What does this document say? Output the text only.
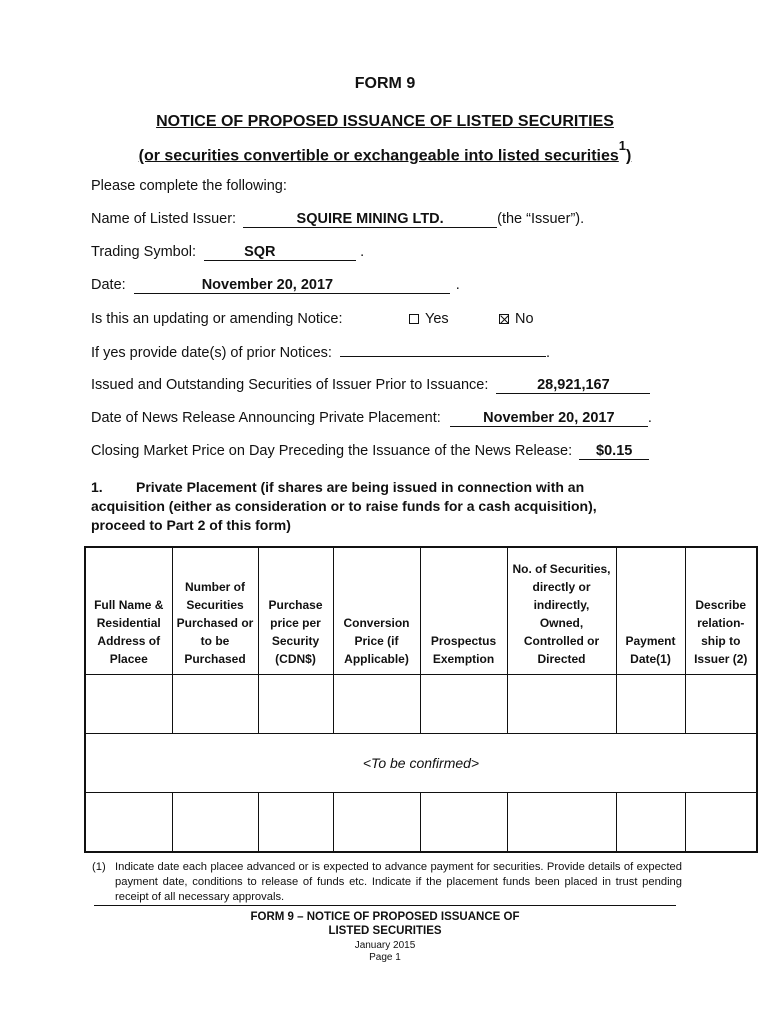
FORM 9
NOTICE OF PROPOSED ISSUANCE OF LISTED SECURITIES
(or securities convertible or exchangeable into listed securities$^1$)
Please complete the following:
Name of Listed Issuer:	SQUIRE MINING LTD.	(the “Issuer”).
Trading Symbol:	SQR	.
Date:	November 20, 2017	.
Is this an updating or amending Notice:	Yes	No
If yes provide date(s) of prior Notices:	.
Issued and Outstanding Securities of Issuer Prior to Issuance:	28,921,167
Date of News Release Announcing Private Placement:	November 20, 2017 .
Closing Market Price on Day Preceding the Issuance of the News Release: $0.15
1. Private Placement (if shares are being issued in connection with an
acquisition (either as consideration or to raise funds for a cash acquisition),
proceed to Part 2 of this form)
Full Name & Residential Address of Placee	Number of Securities Purchased or to be Purchased	Purchase price per Security (CDN$)	Conversion Price (if Applicable)	Prospectus Exemption	No. of Securities, directly or indirectly, Owned, Controlled or Directed	Payment Date(1)	Describe relation-ship to Issuer (2)

<To be confirmed>							

(1) Indicate date each placee advanced or is expected to advance payment for securities. Provide details of expected payment date, conditions to release of funds etc. Indicate if the placement funds been placed in trust pending receipt of all necessary approvals.
FORM 9 – NOTICE OF PROPOSED ISSUANCE OF
LISTED SECURITIES
January 2015
Page 1
